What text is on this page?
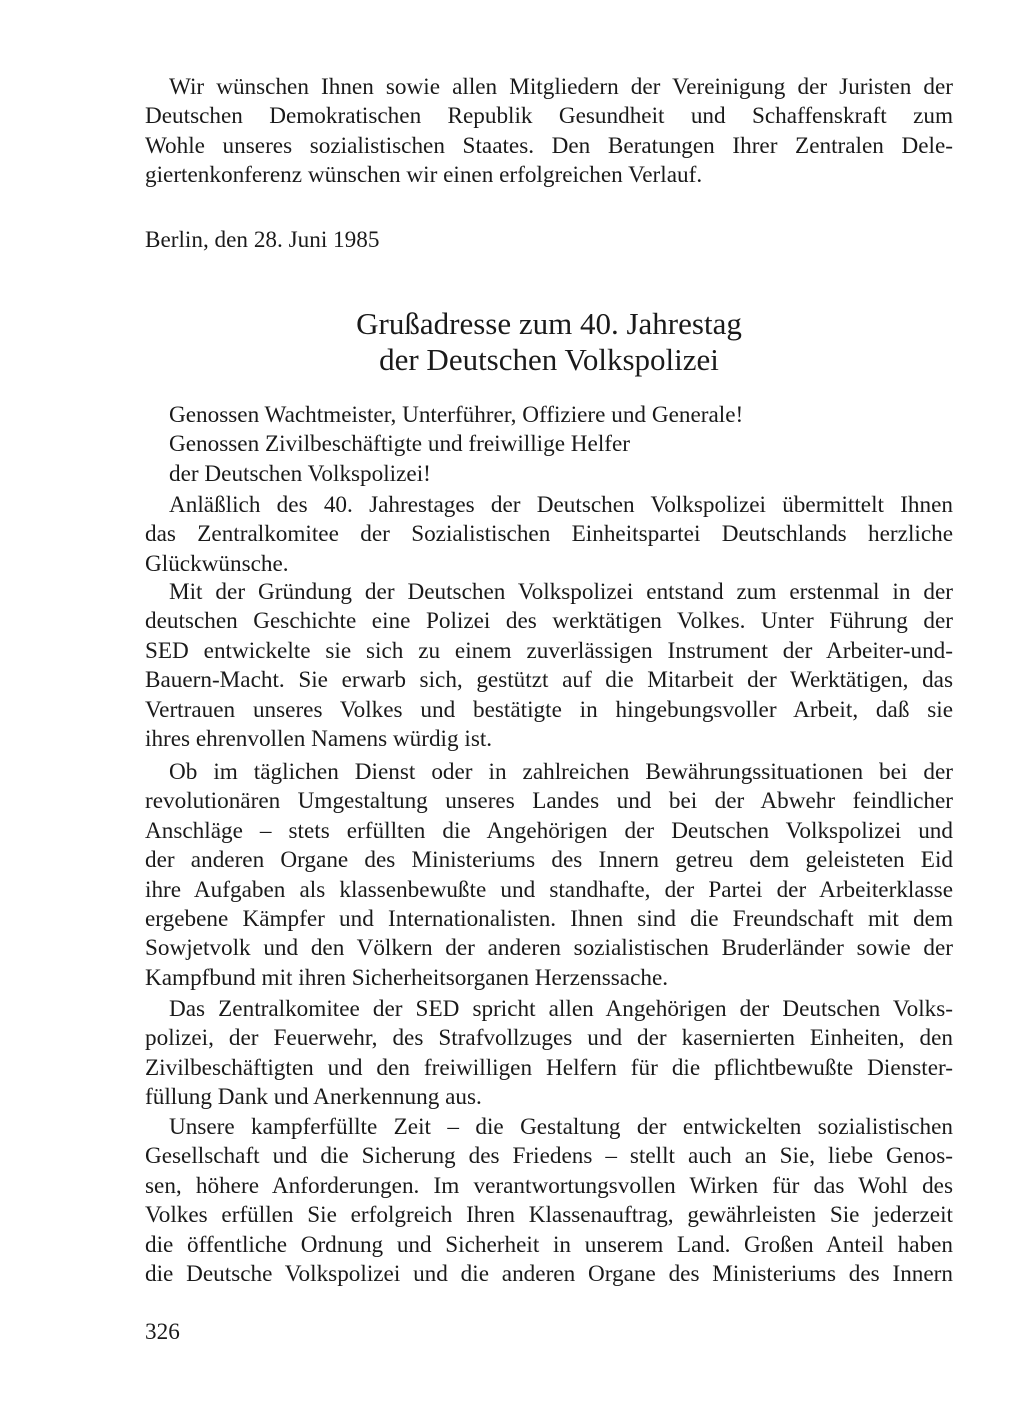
Wir wünschen Ihnen sowie allen Mitgliedern der Vereinigung der Juristen der
Deutschen Demokratischen Republik Gesundheit und Schaffenskraft zum
Wohle unseres sozialistischen Staates. Den Beratungen Ihrer Zentralen Dele-
giertenkonferenz wünschen wir einen erfolgreichen Verlauf.
Berlin, den 28. Juni 1985
Grußadresse zum 40. Jahrestag
der Deutschen Volkspolizei
Genossen Wachtmeister, Unterführer, Offiziere und Generale!
Genossen Zivilbeschäftigte und freiwillige Helfer
der Deutschen Volkspolizei!
Anläßlich des 40. Jahrestages der Deutschen Volkspolizei übermittelt Ihnen
das Zentralkomitee der Sozialistischen Einheitspartei Deutschlands herzliche
Glückwünsche.
Mit der Gründung der Deutschen Volkspolizei entstand zum erstenmal in der
deutschen Geschichte eine Polizei des werktätigen Volkes. Unter Führung der
SED entwickelte sie sich zu einem zuverlässigen Instrument der Arbeiter-und-
Bauern-Macht. Sie erwarb sich, gestützt auf die Mitarbeit der Werktätigen, das
Vertrauen unseres Volkes und bestätigte in hingebungsvoller Arbeit, daß sie
ihres ehrenvollen Namens würdig ist.
Ob im täglichen Dienst oder in zahlreichen Bewährungssituationen bei der
revolutionären Umgestaltung unseres Landes und bei der Abwehr feindlicher
Anschläge – stets erfüllten die Angehörigen der Deutschen Volkspolizei und
der anderen Organe des Ministeriums des Innern getreu dem geleisteten Eid
ihre Aufgaben als klassenbewußte und standhafte, der Partei der Arbeiterklasse
ergebene Kämpfer und Internationalisten. Ihnen sind die Freundschaft mit dem
Sowjetvolk und den Völkern der anderen sozialistischen Bruderländer sowie der
Kampfbund mit ihren Sicherheitsorganen Herzenssache.
Das Zentralkomitee der SED spricht allen Angehörigen der Deutschen Volks-
polizei, der Feuerwehr, des Strafvollzuges und der kasernierten Einheiten, den
Zivilbeschäftigten und den freiwilligen Helfern für die pflichtbewußte Dienster-
füllung Dank und Anerkennung aus.
Unsere kampferfüllte Zeit – die Gestaltung der entwickelten sozialistischen
Gesellschaft und die Sicherung des Friedens – stellt auch an Sie, liebe Genos-
sen, höhere Anforderungen. Im verantwortungsvollen Wirken für das Wohl des
Volkes erfüllen Sie erfolgreich Ihren Klassenauftrag, gewährleisten Sie jederzeit
die öffentliche Ordnung und Sicherheit in unserem Land. Großen Anteil haben
die Deutsche Volkspolizei und die anderen Organe des Ministeriums des Innern
326
